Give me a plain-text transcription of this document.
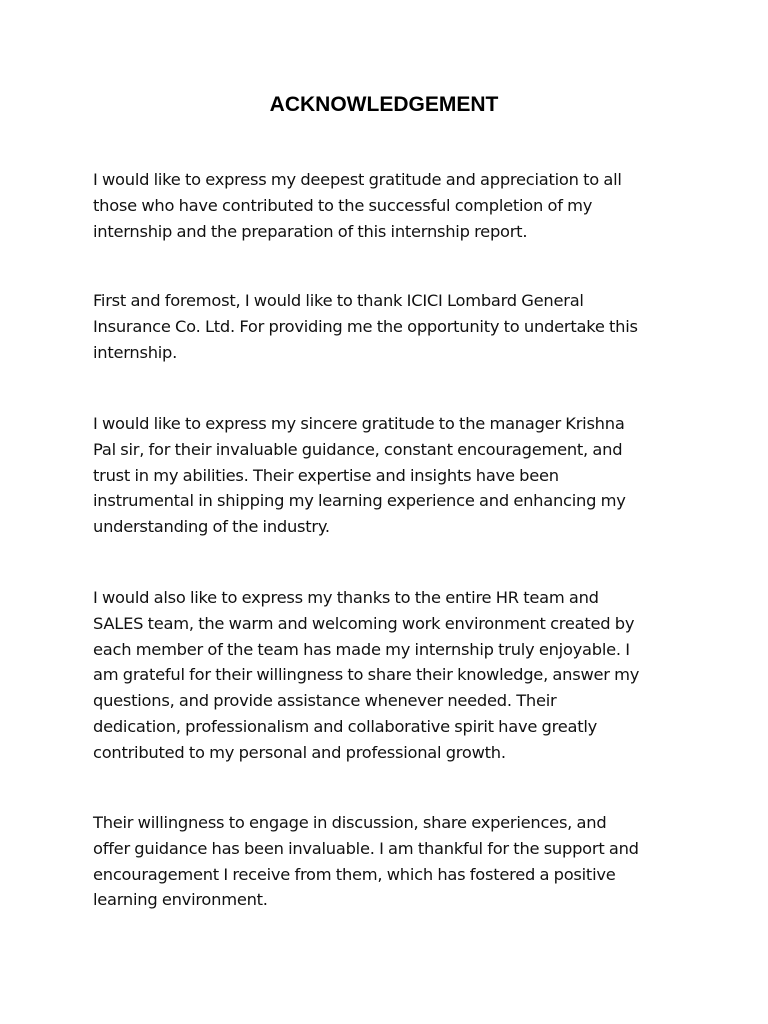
ACKNOWLEDGEMENT

I would like to express my deepest gratitude and appreciation to all
those who have contributed to the successful completion of my
internship and the preparation of this internship report.

First and foremost, I would like to thank ICICI Lombard General
Insurance Co. Ltd. For providing me the opportunity to undertake this
internship.

I would like to express my sincere gratitude to the manager Krishna
Pal sir, for their invaluable guidance, constant encouragement, and
trust in my abilities. Their expertise and insights have been
instrumental in shipping my learning experience and enhancing my
understanding of the industry.

I would also like to express my thanks to the entire HR team and
SALES team, the warm and welcoming work environment created by
each member of the team has made my internship truly enjoyable. I
am grateful for their willingness to share their knowledge, answer my
questions, and provide assistance whenever needed. Their
dedication, professionalism and collaborative spirit have greatly
contributed to my personal and professional growth.

Their willingness to engage in discussion, share experiences, and
offer guidance has been invaluable. I am thankful for the support and
encouragement I receive from them, which has fostered a positive
learning environment.
